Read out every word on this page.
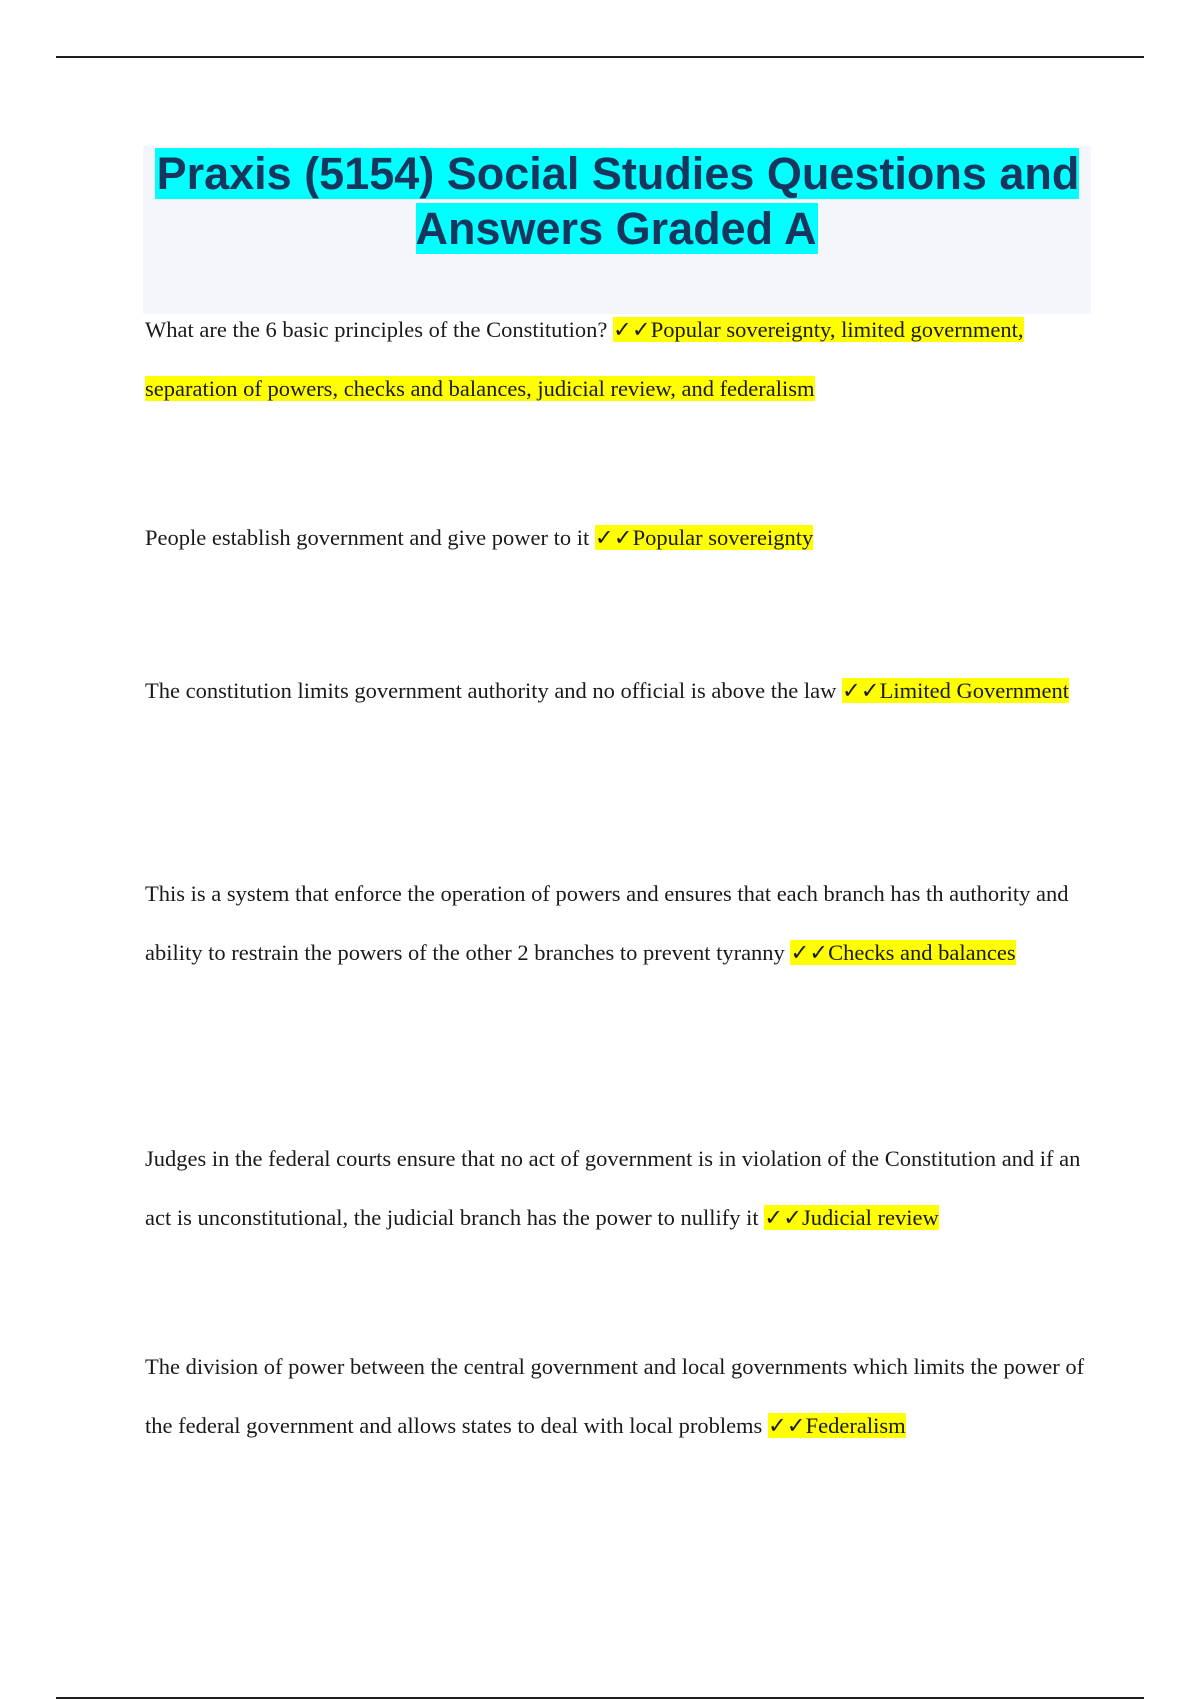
Praxis (5154) Social Studies Questions and Answers Graded A

What are the 6 basic principles of the Constitution? ✓✓Popular sovereignty, limited government, separation of powers, checks and balances, judicial review, and federalism

People establish government and give power to it ✓✓Popular sovereignty

The constitution limits government authority and no official is above the law ✓✓Limited Government

This is a system that enforce the operation of powers and ensures that each branch has th authority and ability to restrain the powers of the other 2 branches to prevent tyranny ✓✓Checks and balances

Judges in the federal courts ensure that no act of government is in violation of the Constitution and if an act is unconstitutional, the judicial branch has the power to nullify it ✓✓Judicial review

The division of power between the central government and local governments which limits the power of the federal government and allows states to deal with local problems ✓✓Federalism
